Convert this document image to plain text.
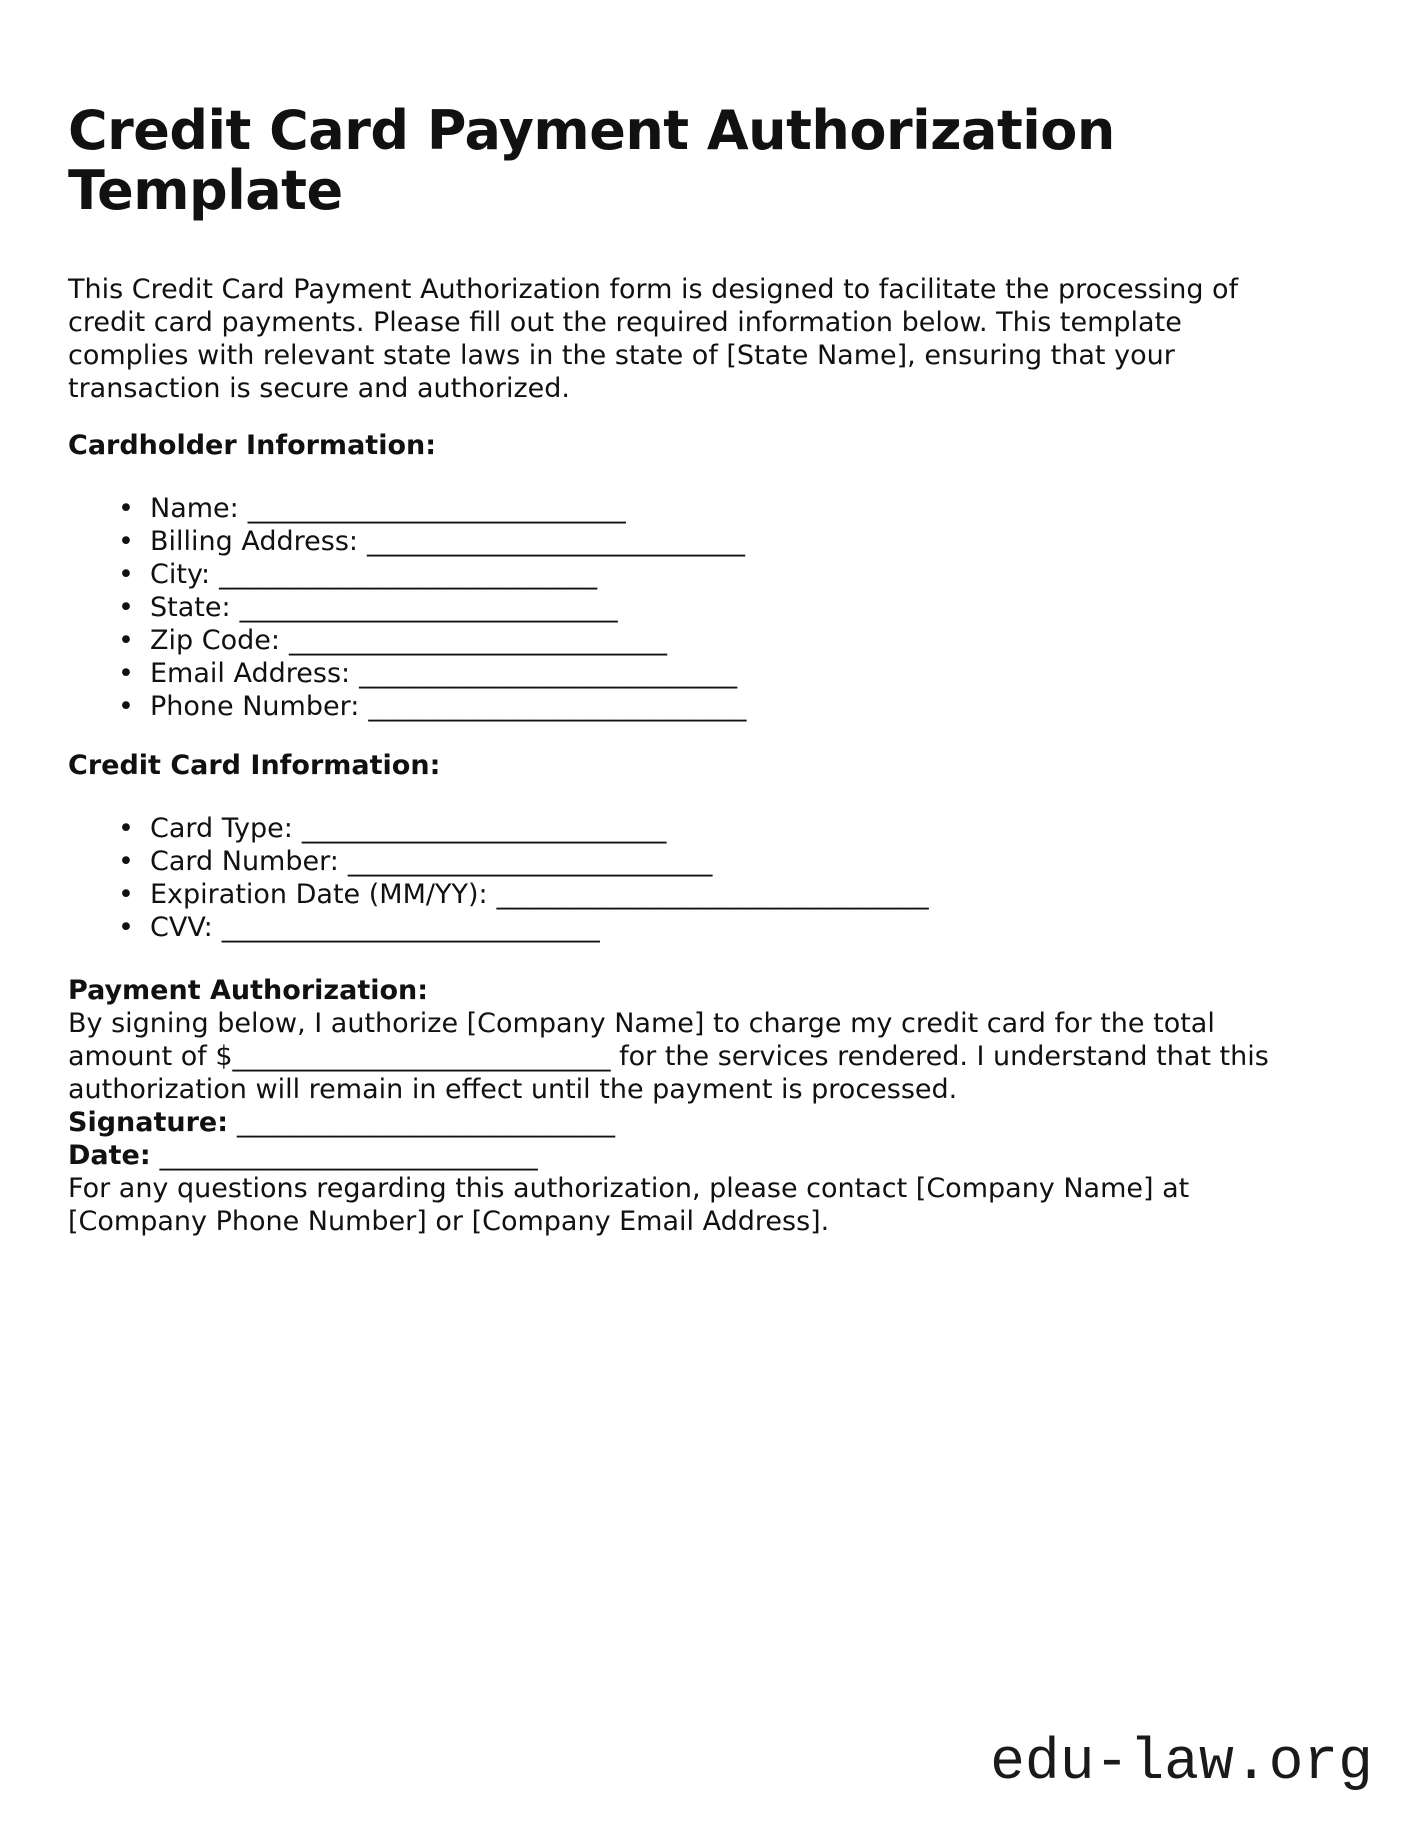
Credit Card Payment Authorization
Template

This Credit Card Payment Authorization form is designed to facilitate the processing of
credit card payments. Please fill out the required information below. This template
complies with relevant state laws in the state of [State Name], ensuring that your
transaction is secure and authorized.

Cardholder Information:
• Name: ____________________________
• Billing Address: ____________________________
• City: ____________________________
• State: ____________________________
• Zip Code: ____________________________
• Email Address: ____________________________
• Phone Number: ____________________________
Credit Card Information:
• Card Type: ___________________________
• Card Number: ___________________________
• Expiration Date (MM/YY): ________________________________
• CVV: ____________________________
Payment Authorization:

By signing below, I authorize [Company Name] to charge my credit card for the total
amount of $____________________________ for the services rendered. I understand that this
authorization will remain in effect until the payment is processed.

Signature: ____________________________

Date: ____________________________

For any questions regarding this authorization, please contact [Company Name] at
[Company Phone Number] or [Company Email Address].

edu-law.org
